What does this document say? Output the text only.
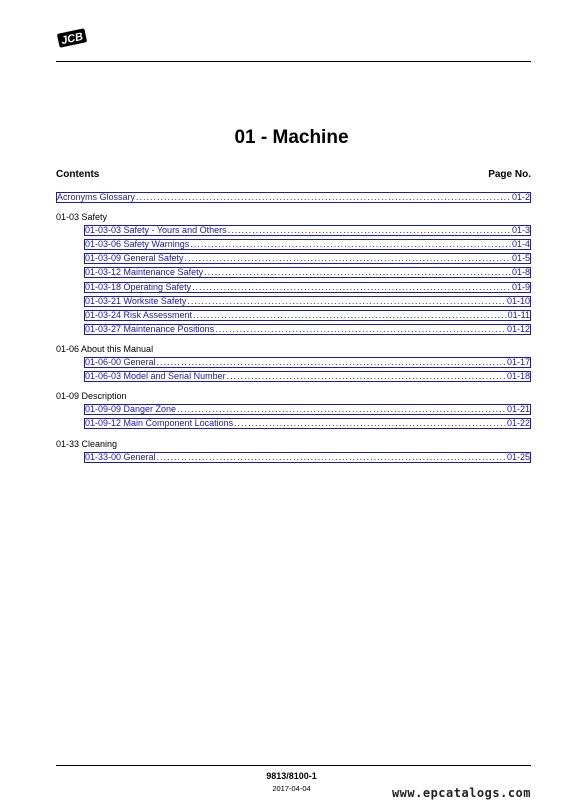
JCB
01 - Machine
Contents	Page No.
Acronyms Glossary .....	01-2
01-03 Safety
01-03-03 Safety - Yours and Others .....	01-3
01-03-06 Safety Warnings .....	01-4
01-03-09 General Safety .....	01-5
01-03-12 Maintenance Safety .....	01-8
01-03-18 Operating Safety .....	01-9
01-03-21 Worksite Safety .....	01-10
01-03-24 Risk Assessment .....	01-11
01-03-27 Maintenance Positions .....	01-12
01-06 About this Manual
01-06-00 General .....	01-17
01-06-03 Model and Serial Number .....	01-18
01-09 Description
01-09-09 Danger Zone .....	01-21
01-09-12 Main Component Locations .....	01-22
01-33 Cleaning
01-33-00 General .....	01-25
9813/8100-1
2017-04-04	www.epcatalogs.com
